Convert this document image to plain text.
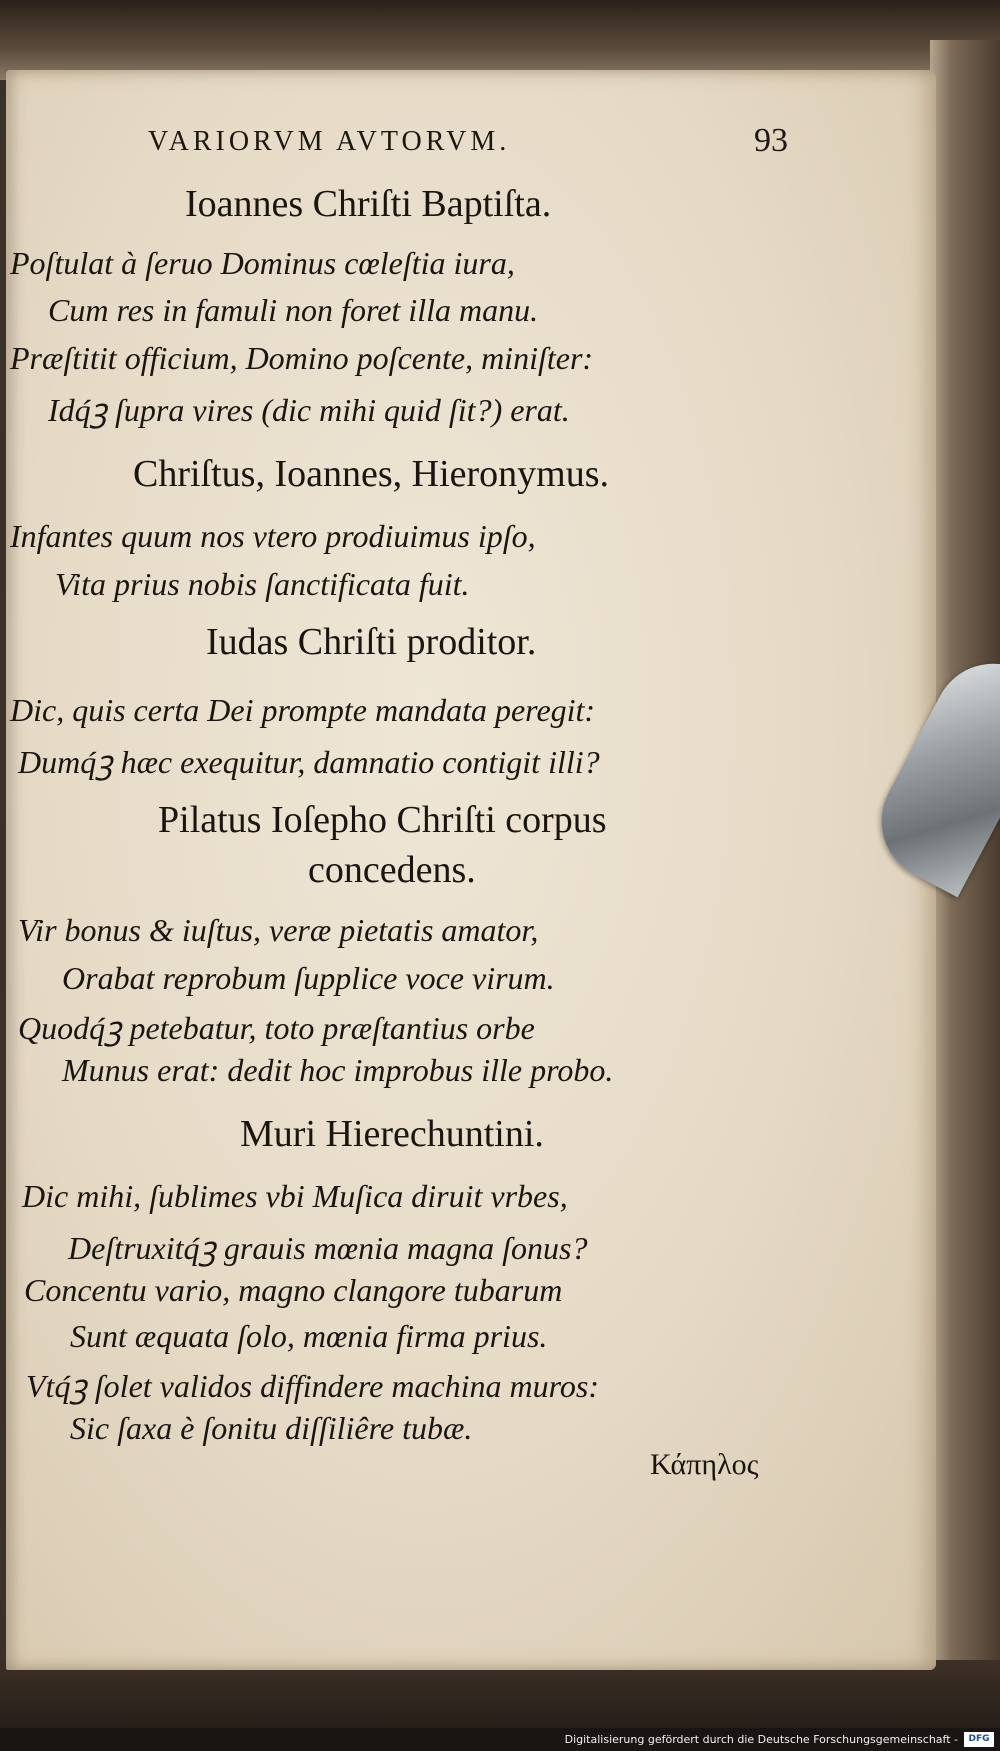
VARIORVM AVTORVM.	93
Ioannes Chriſti Baptiſta.
Poſtulat à ſeruo Dominus cœleſtia iura,
Cum res in famuli non foret illa manu.
Præſtitit officium, Domino poſcente, miniſter:
Idq́ꝫ ſupra vires (dic mihi quid ſit?) erat.
Chriſtus, Ioannes, Hieronymus.
Infantes quum nos vtero prodiuimus ipſo,
Vita prius nobis ſanctificata fuit.
Iudas Chriſti proditor.
Dic, quis certa Dei prompte mandata peregit:
Dumq́ꝫ hæc exequitur, damnatio contigit illi?
Pilatus Ioſepho Chriſti corpus
concedens.
Vir bonus & iuſtus, veræ pietatis amator,
Orabat reprobum ſupplice voce virum.
Quodq́ꝫ petebatur, toto præſtantius orbe
Munus erat: dedit hoc improbus ille probo.
Muri Hierechuntini.
Dic mihi, ſublimes vbi Muſica diruit vrbes,
Deſtruxitq́ꝫ grauis mœnia magna ſonus?
Concentu vario, magno clangore tubarum
Sunt æquata ſolo, mœnia firma prius.
Vtq́ꝫ ſolet validos diffindere machina muros:
Sic ſaxa è ſonitu diſſiliêre tubæ.
Κάπηλος
Digitalisierung gefördert durch die Deutsche Forschungsgemeinschaft -	DFG
